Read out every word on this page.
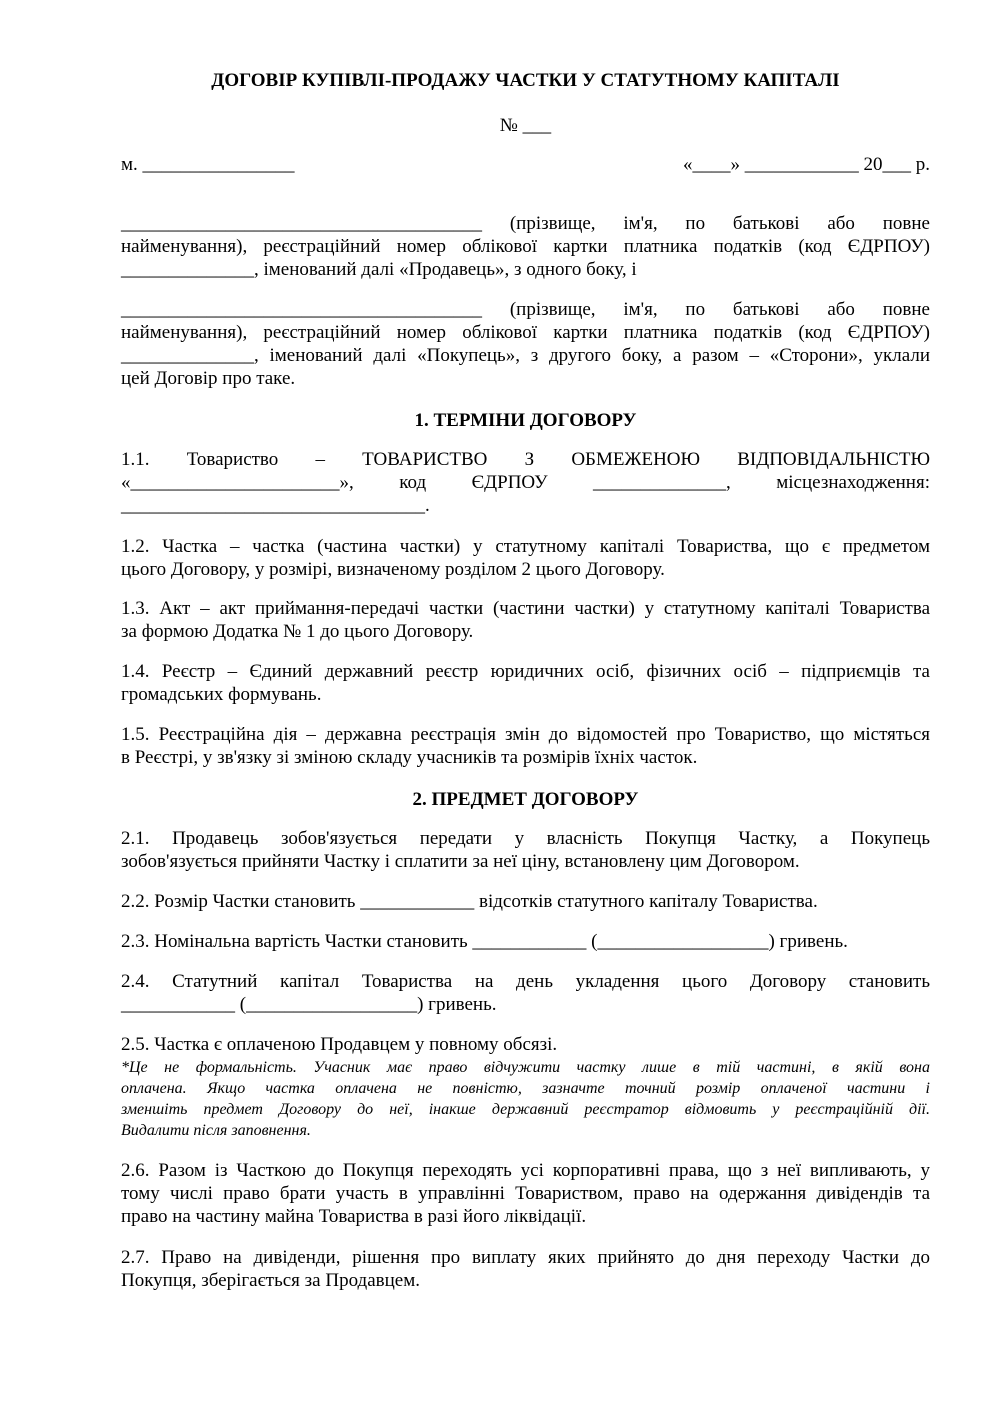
ДОГОВІР КУПІВЛІ-ПРОДАЖУ ЧАСТКИ У СТАТУТНОМУ КАПІТАЛІ
№ ___
м. ________________	«____» ____________ 20___ р.
______________________________________ (прізвище, ім'я, по батькові або повне
найменування), реєстраційний номер облікової картки платника податків (код ЄДРПОУ)
______________, іменований далі «Продавець», з одного боку, і
______________________________________ (прізвище, ім'я, по батькові або повне
найменування), реєстраційний номер облікової картки платника податків (код ЄДРПОУ)
______________, іменований далі «Покупець», з другого боку, а разом – «Сторони», уклали
цей Договір про таке.
1. ТЕРМІНИ ДОГОВОРУ
1.1. Товариство – ТОВАРИСТВО З ОБМЕЖЕНОЮ ВІДПОВІДАЛЬНІСТЮ
«______________________», код ЄДРПОУ ______________, місцезнаходження:
________________________________.
1.2. Частка – частка (частина частки) у статутному капіталі Товариства, що є предметом
цього Договору, у розмірі, визначеному розділом 2 цього Договору.
1.3. Акт – акт приймання-передачі частки (частини частки) у статутному капіталі Товариства
за формою Додатка № 1 до цього Договору.
1.4. Реєстр – Єдиний державний реєстр юридичних осіб, фізичних осіб – підприємців та
громадських формувань.
1.5. Реєстраційна дія – державна реєстрація змін до відомостей про Товариство, що містяться
в Реєстрі, у зв'язку зі зміною складу учасників та розмірів їхніх часток.
2. ПРЕДМЕТ ДОГОВОРУ
2.1. Продавець зобов'язується передати у власність Покупця Частку, а Покупець
зобов'язується прийняти Частку і сплатити за неї ціну, встановлену цим Договором.
2.2. Розмір Частки становить ____________ відсотків статутного капіталу Товариства.
2.3. Номінальна вартість Частки становить ____________ (__________________) гривень.
2.4. Статутний капітал Товариства на день укладення цього Договору становить
____________ (__________________) гривень.
2.5. Частка є оплаченою Продавцем у повному обсязі.
*Це не формальність. Учасник має право відчужити частку лише в тій частині, в якій вона
оплачена. Якщо частка оплачена не повністю, зазначте точний розмір оплаченої частини і
зменшіть предмет Договору до неї, інакше державний реєстратор відмовить у реєстраційній дії.
Видалити після заповнення.
2.6. Разом із Часткою до Покупця переходять усі корпоративні права, що з неї випливають, у
тому числі право брати участь в управлінні Товариством, право на одержання дивідендів та
право на частину майна Товариства в разі його ліквідації.
2.7. Право на дивіденди, рішення про виплату яких прийнято до дня переходу Частки до
Покупця, зберігається за Продавцем.
